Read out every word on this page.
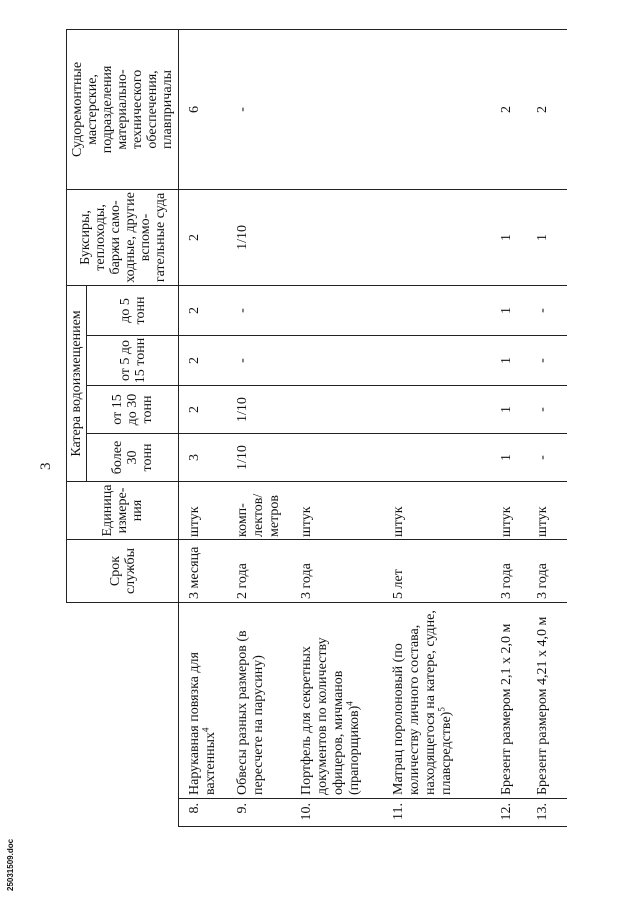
25031509.doc
3
		Срок службы	Единица измере-ния	Катера водоизмещением				Буксиры, теплоходы, баржи само-ходные, другие вспомо-гательные суда	Судоремонтные мастерские, подразделения материально-технического обеспечения, плавпричалы
				более 30 тонн	от 15 до 30 тонн	от 5 до 15 тонн	до 5 тонн		
8.	Нарукавная повязка для вахтенных$^4$	3 месяца	штук	3	2	2	2	2	6
9.	Обвесы разных размеров (в пересчете на парусину)	2 года	комп-лектов/ метров	1/10	1/10	-	-	1/10	-
10.	Портфель для секретных документов по количеству офицеров, мичманов (прапорщиков)$^4$	3 года	штук						
11.	Матрац поролоновый (по количеству личного состава, находящегося на катере, судне, плавсредстве)$^5$	5 лет	штук						
12.	Брезент размером 2,1 х 2,0 м	3 года	штук	1	1	1	1	1	2
13.	Брезент размером 4,21 х 4,0 м	3 года	штук	-	-	-	-	1	2
